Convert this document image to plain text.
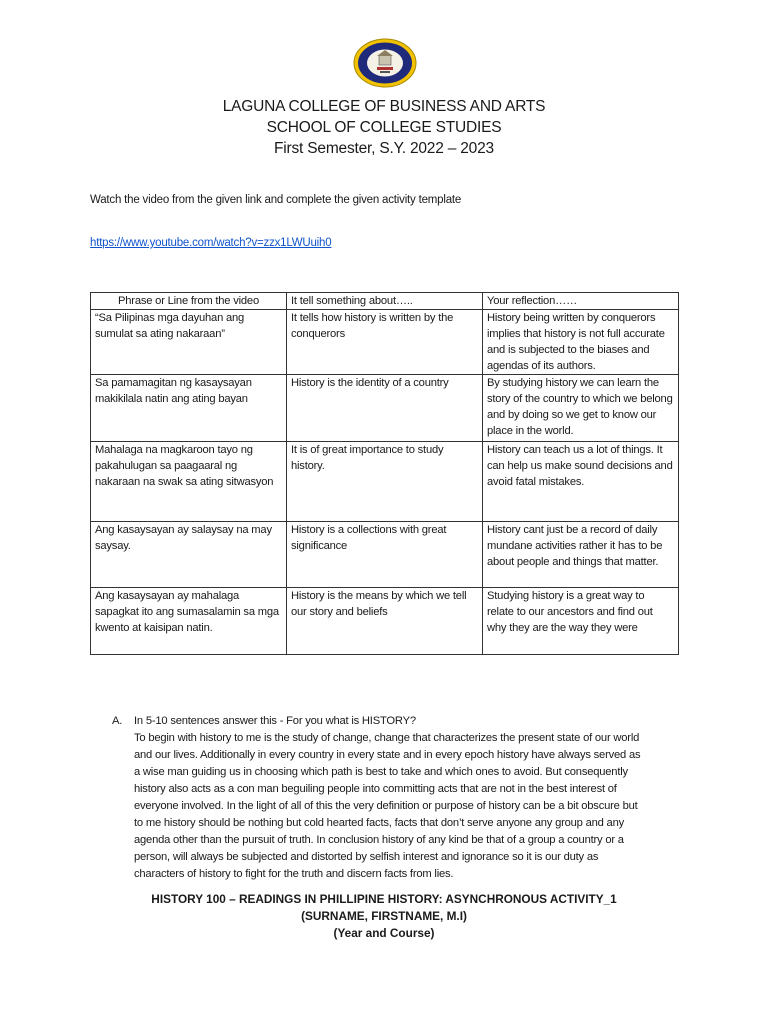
LAGUNA COLLEGE OF BUSINESS AND ARTS
SCHOOL OF COLLEGE STUDIES
First Semester, S.Y. 2022 – 2023
Watch the video from the given link and complete the given activity template
https://www.youtube.com/watch?v=zzx1LWUuih0
Phrase or Line from the video	It tell something about…..	Your reflection……
“Sa Pilipinas mga dayuhan ang sumulat sa ating nakaraan”	It tells how history is written by the conquerors	History being written by conquerors implies that history is not full accurate and is subjected to the biases and agendas of its authors.
Sa pamamagitan ng kasaysayan makikilala natin ang ating bayan	History is the identity of a country	By studying history we can learn the story of the country to which we belong and by doing so we get to know our place in the world.
Mahalaga na magkaroon tayo ng pakahulugan sa paagaaral ng nakaraan na swak sa ating sitwasyon	It is of great importance to study history.	History can teach us a lot of things. It can help us make sound decisions and avoid fatal mistakes.
Ang kasaysayan ay salaysay na may saysay.	History is a collections with great significance	History cant just be a record of daily mundane activities rather it has to be about people and things that matter.
Ang kasaysayan ay mahalaga sapagkat ito ang sumasalamin sa mga kwento at kaisipan natin.	History is the means by which we tell our story and beliefs	Studying history is a great way to relate to our ancestors and find out why they are the way they were
A. In 5-10 sentences answer this - For you what is HISTORY?
To begin with history to me is the study of change, change that characterizes the present state of our world
and our lives. Additionally in every country in every state and in every epoch history have always served as
a wise man guiding us in choosing which path is best to take and which ones to avoid. But consequently
history also acts as a con man beguiling people into committing acts that are not in the best interest of
everyone involved. In the light of all of this the very definition or purpose of history can be a bit obscure but
to me history should be nothing but cold hearted facts, facts that don’t serve anyone any group and any
agenda other than the pursuit of truth. In conclusion history of any kind be that of a group a country or a
person, will always be subjected and distorted by selfish interest and ignorance so it is our duty as
characters of history to fight for the truth and discern facts from lies.
HISTORY 100 – READINGS IN PHILLIPINE HISTORY: ASYNCHRONOUS ACTIVITY_1
(SURNAME, FIRSTNAME, M.I)
(Year and Course)
